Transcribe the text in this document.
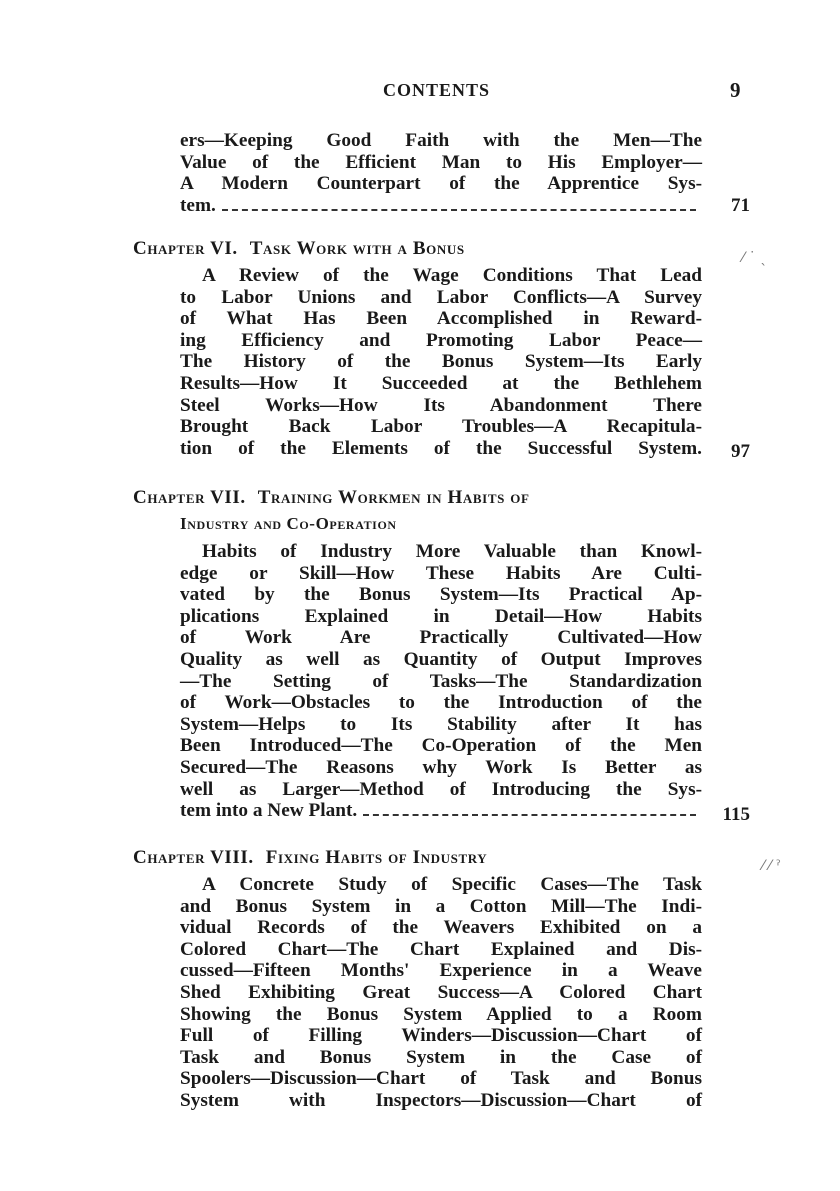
CONTENTS	9
ers—Keeping Good Faith with the Men—The
Value of the Efficient Man to His Employer—
A Modern Counterpart of the Apprentice Sys-
tem.	71
Chapter VI. Task Work with a Bonus
A Review of the Wage Conditions That Lead
to Labor Unions and Labor Conflicts—A Survey
of What Has Been Accomplished in Reward-
ing Efficiency and Promoting Labor Peace—
The History of the Bonus System—Its Early
Results—How It Succeeded at the Bethlehem
Steel Works—How Its Abandonment There
Brought Back Labor Troubles—A Recapitula-
tion of the Elements of the Successful System.	97
Chapter VII. Training Workmen in Habits of
Industry and Co-Operation
Habits of Industry More Valuable than Knowl-
edge or Skill—How These Habits Are Culti-
vated by the Bonus System—Its Practical Ap-
plications Explained in Detail—How Habits
of Work Are Practically Cultivated—How
Quality as well as Quantity of Output Improves
—The Setting of Tasks—The Standardization
of Work—Obstacles to the Introduction of the
System—Helps to Its Stability after It has
Been Introduced—The Co-Operation of the Men
Secured—The Reasons why Work Is Better as
well as Larger—Method of Introducing the Sys-
tem into a New Plant.	115
Chapter VIII. Fixing Habits of Industry
A Concrete Study of Specific Cases—The Task
and Bonus System in a Cotton Mill—The Indi-
vidual Records of the Weavers Exhibited on a
Colored Chart—The Chart Explained and Dis-
cussed—Fifteen Months' Experience in a Weave
Shed Exhibiting Great Success—A Colored Chart
Showing the Bonus System Applied to a Room
Full of Filling Winders—Discussion—Chart of
Task and Bonus System in the Case of
Spoolers—Discussion—Chart of Task and Bonus
System with Inspectors—Discussion—Chart of
⁄ ˙ ˎ
⁄ ⁄ ˀ
